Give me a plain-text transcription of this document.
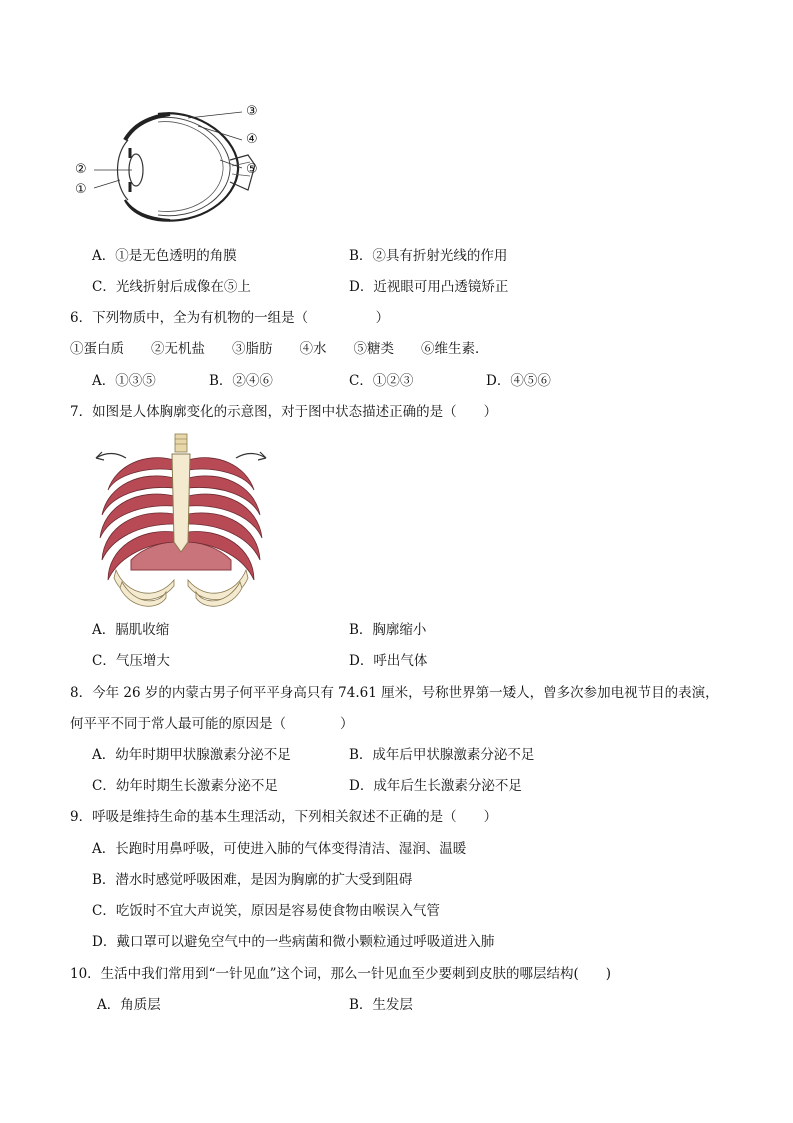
③
④
⑤
②
①
A．①是无色透明的角膜	B．②具有折射光线的作用
C．光线折射后成像在⑤上	D．近视眼可用凸透镜矫正
6．下列物质中，全为有机物的一组是（　　　　　）
①蛋白质　　②无机盐　　③脂肪　　④水　　⑤糖类　　⑥维生素．
A．①③⑤	B．②④⑥	C．①②③	D．④⑤⑥
7．如图是人体胸廓变化的示意图，对于图中状态描述正确的是（　　）
A．膈肌收缩	B．胸廓缩小
C．气压增大	D．呼出气体
8．今年 26 岁的内蒙古男子何平平身高只有 74.61 厘米，号称世界第一矮人，曾多次参加电视节目的表演，
何平平不同于常人最可能的原因是（　　　　）
A．幼年时期甲状腺激素分泌不足	B．成年后甲状腺激素分泌不足
C．幼年时期生长激素分泌不足	D．成年后生长激素分泌不足
9．呼吸是维持生命的基本生理活动，下列相关叙述不正确的是（　　）
A．长跑时用鼻呼吸，可使进入肺的气体变得清洁、湿润、温暖
B．潜水时感觉呼吸困难，是因为胸廓的扩大受到阻碍
C．吃饭时不宜大声说笑，原因是容易使食物由喉误入气管
D．戴口罩可以避免空气中的一些病菌和微小颗粒通过呼吸道进入肺
10．生活中我们常用到“一针见血”这个词，那么一针见血至少要刺到皮肤的哪层结构(　　)
A．角质层	B．生发层
